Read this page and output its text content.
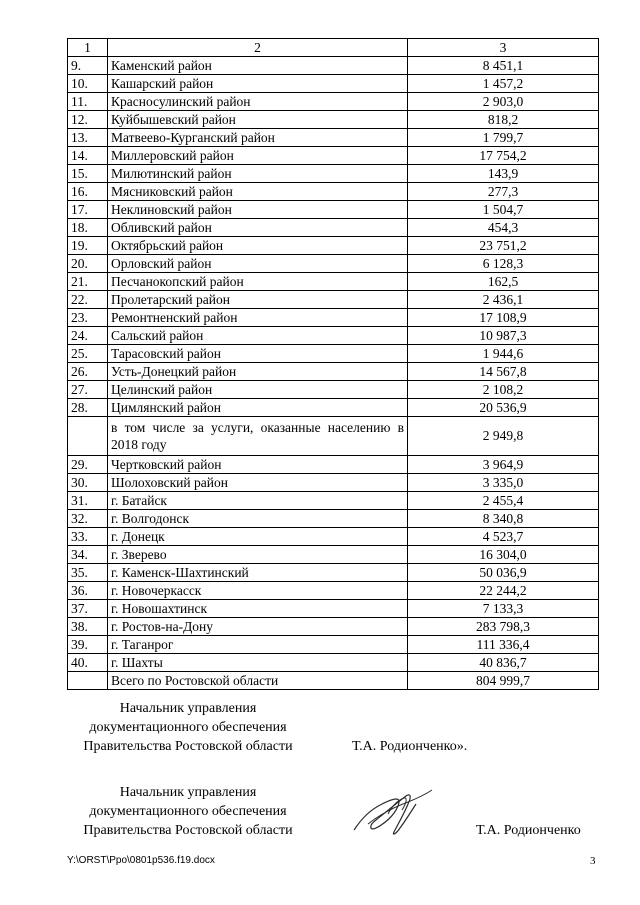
1	2	3
9.	Каменский район	8 451,1
10.	Кашарский район	1 457,2
11.	Красносулинский район	2 903,0
12.	Куйбышевский район	818,2
13.	Матвеево-Курганский район	1 799,7
14.	Миллеровский район	17 754,2
15.	Милютинский район	143,9
16.	Мясниковский район	277,3
17.	Неклиновский район	1 504,7
18.	Обливский район	454,3
19.	Октябрьский район	23 751,2
20.	Орловский район	6 128,3
21.	Песчанокопский район	162,5
22.	Пролетарский район	2 436,1
23.	Ремонтненский район	17 108,9
24.	Сальский район	10 987,3
25.	Тарасовский район	1 944,6
26.	Усть-Донецкий район	14 567,8
27.	Целинский район	2 108,2
28.	Цимлянский район	20 536,9
	в том числе за услуги, оказанные населению в 2018 году	2 949,8
29.	Чертковский район	3 964,9
30.	Шолоховский район	3 335,0
31.	г. Батайск	2 455,4
32.	г. Волгодонск	8 340,8
33.	г. Донецк	4 523,7
34.	г. Зверево	16 304,0
35.	г. Каменск-Шахтинский	50 036,9
36.	г. Новочеркасск	22 244,2
37.	г. Новошахтинск	7 133,3
38.	г. Ростов-на-Дону	283 798,3
39.	г. Таганрог	111 336,4
40.	г. Шахты	40 836,7
	Всего по Ростовской области	804 999,7
Начальник управления
документационного обеспечения
Правительства Ростовской области	Т.А. Родионченко».
Начальник управления
документационного обеспечения
Правительства Ростовской области	Т.А. Родионченко
Y:\ORST\Ppo\0801p536.f19.docx	3
